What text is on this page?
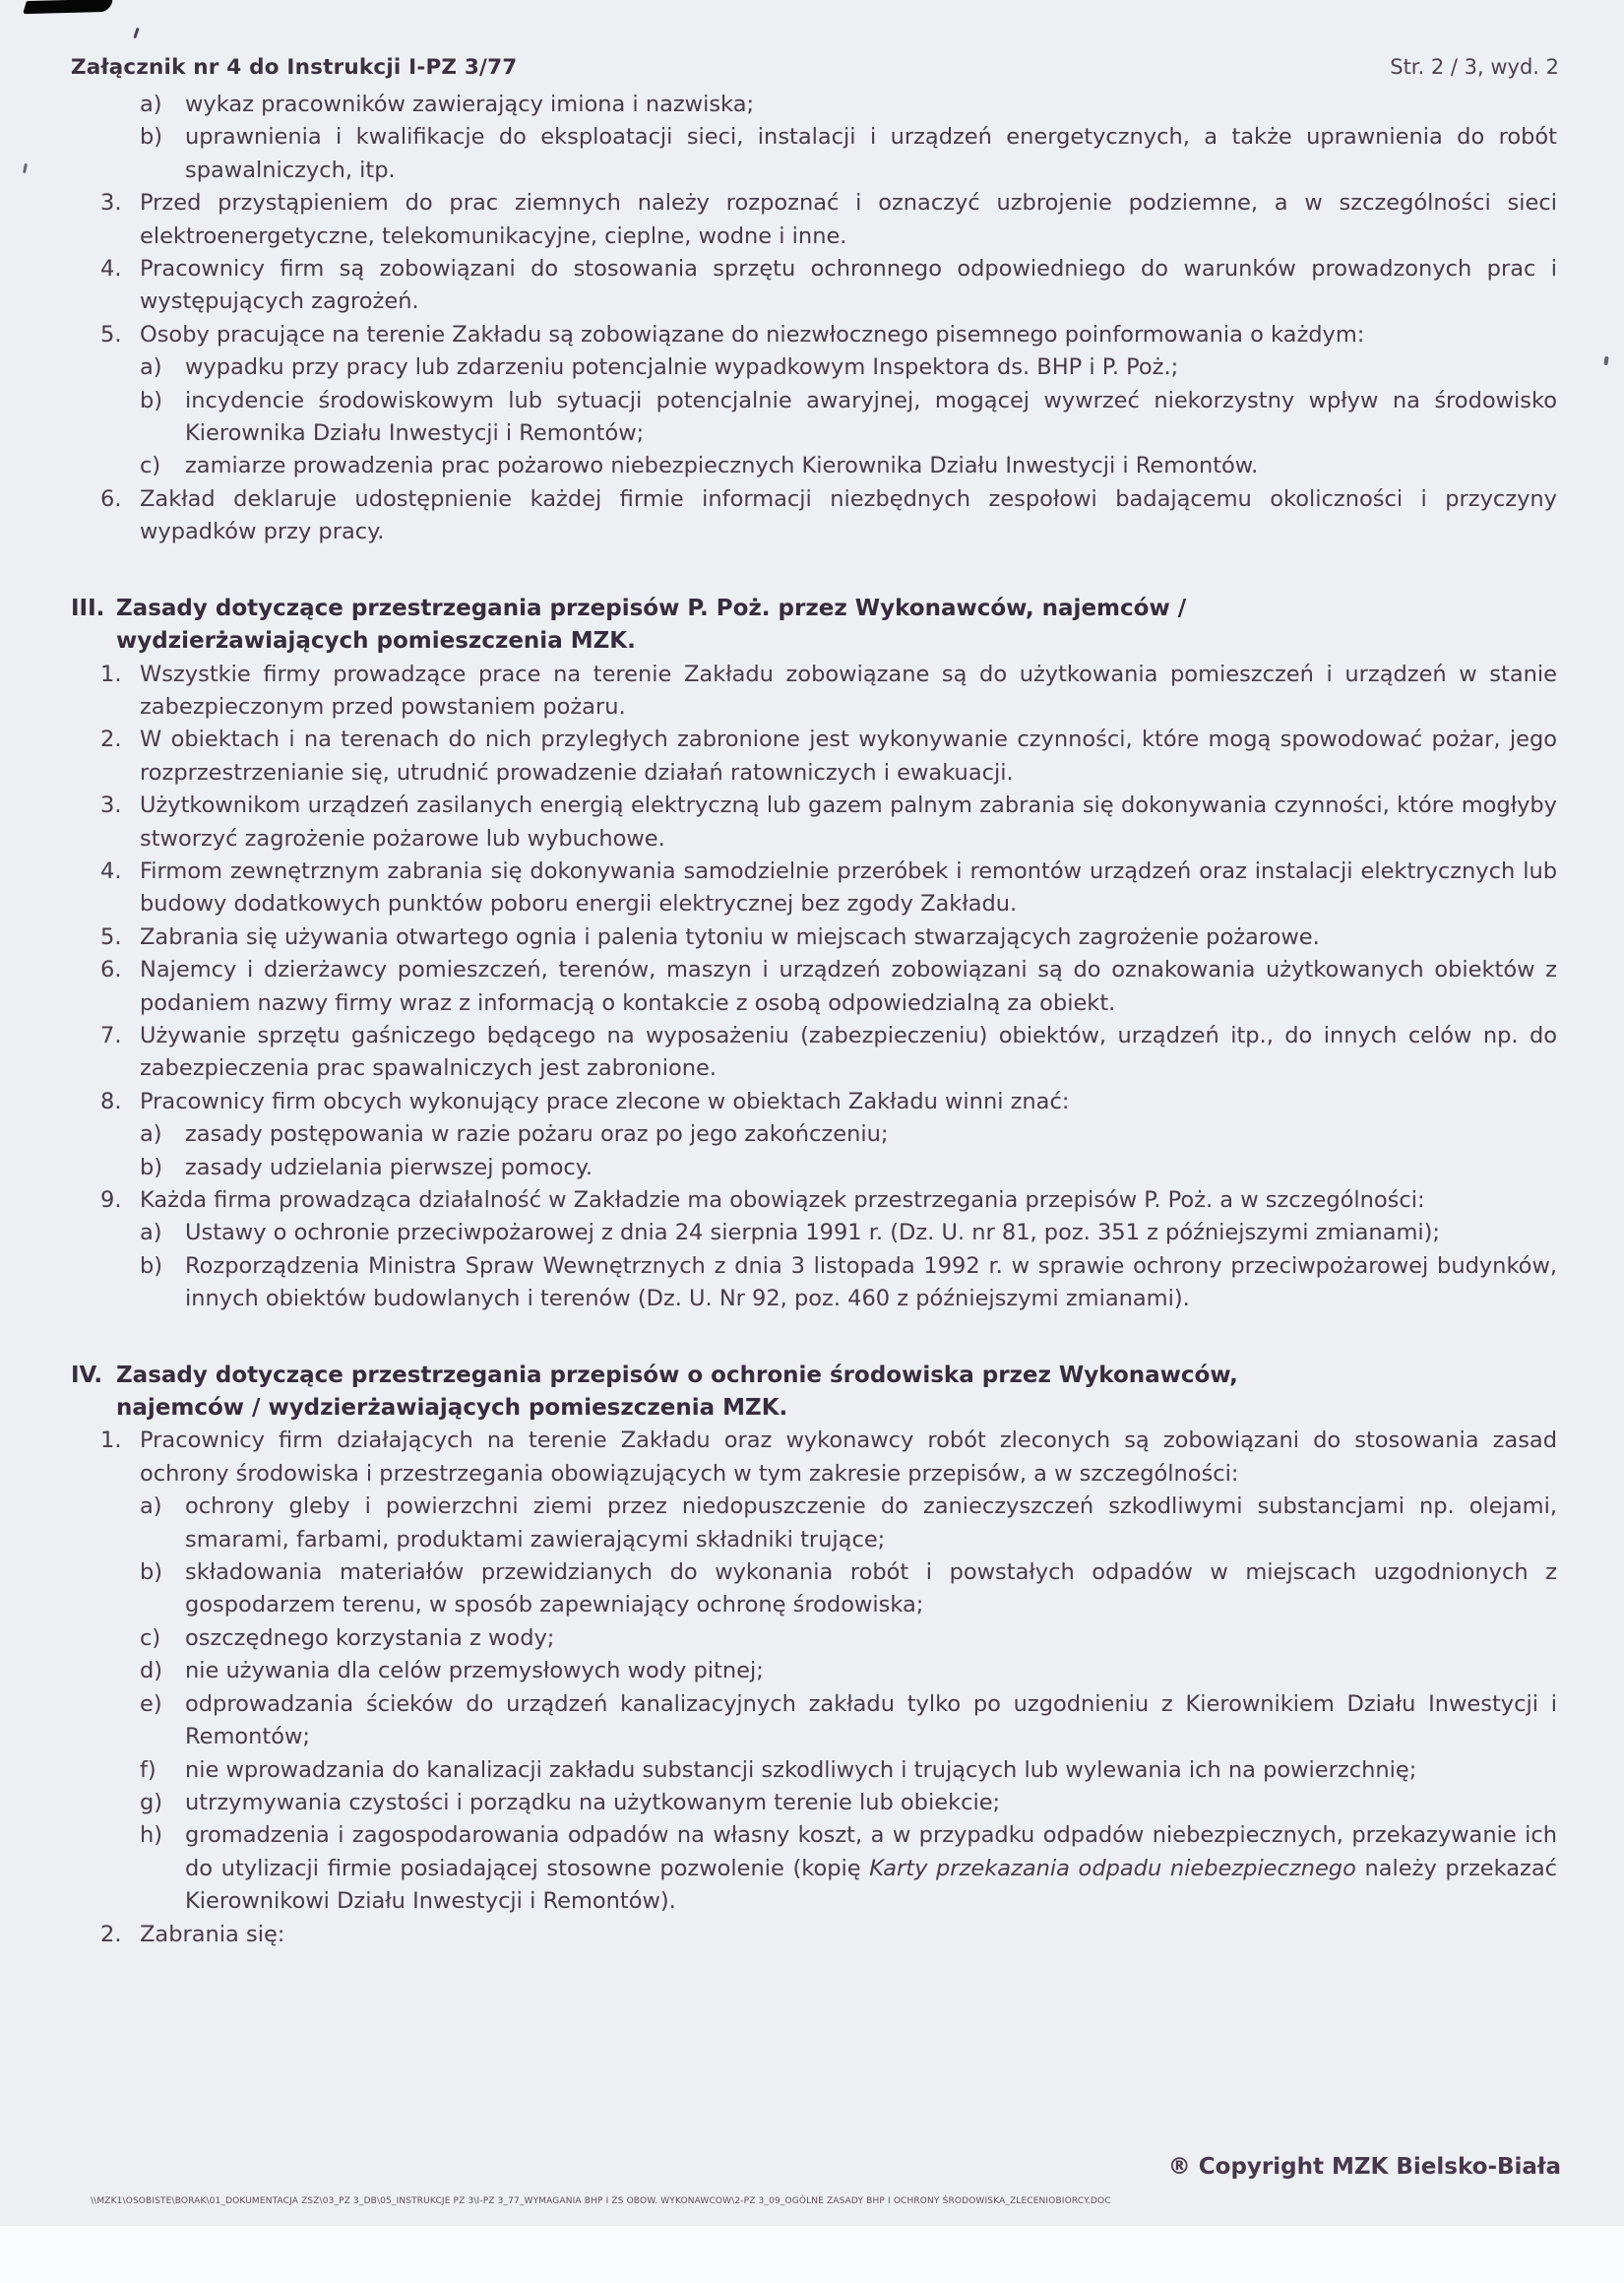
Załącznik nr 4 do Instrukcji I-PZ 3/77	Str. 2 / 3, wyd. 2
a)	wykaz pracowników zawierający imiona i nazwiska;
b)	uprawnienia i kwalifikacje do eksploatacji sieci, instalacji i urządzeń energetycznych, a także uprawnienia do robót spawalniczych, itp.
3. Przed przystąpieniem do prac ziemnych należy rozpoznać i oznaczyć uzbrojenie podziemne, a w szczególności sieci elektroenergetyczne, telekomunikacyjne, cieplne, wodne i inne.
4. Pracownicy firm są zobowiązani do stosowania sprzętu ochronnego odpowiedniego do warunków prowadzonych prac i występujących zagrożeń.
5. Osoby pracujące na terenie Zakładu są zobowiązane do niezwłocznego pisemnego poinformowania o każdym:
a)	wypadku przy pracy lub zdarzeniu potencjalnie wypadkowym Inspektora ds. BHP i P. Poż.;
b)	incydencie środowiskowym lub sytuacji potencjalnie awaryjnej, mogącej wywrzeć niekorzystny wpływ na środowisko Kierownika Działu Inwestycji i Remontów;
c)	zamiarze prowadzenia prac pożarowo niebezpiecznych Kierownika Działu Inwestycji i Remontów.
6. Zakład deklaruje udostępnienie każdej firmie informacji niezbędnych zespołowi badającemu okoliczności i przyczyny wypadków przy pracy.
III. Zasady dotyczące przestrzegania przepisów P. Poż. przez Wykonawców, najemców /
wydzierżawiających pomieszczenia MZK.
1. Wszystkie firmy prowadzące prace na terenie Zakładu zobowiązane są do użytkowania pomieszczeń i urządzeń w stanie zabezpieczonym przed powstaniem pożaru.
2. W obiektach i na terenach do nich przyległych zabronione jest wykonywanie czynności, które mogą spowodować pożar, jego rozprzestrzenianie się, utrudnić prowadzenie działań ratowniczych i ewakuacji.
3. Użytkownikom urządzeń zasilanych energią elektryczną lub gazem palnym zabrania się dokonywania czynności, które mogłyby stworzyć zagrożenie pożarowe lub wybuchowe.
4. Firmom zewnętrznym zabrania się dokonywania samodzielnie przeróbek i remontów urządzeń oraz instalacji elektrycznych lub budowy dodatkowych punktów poboru energii elektrycznej bez zgody Zakładu.
5. Zabrania się używania otwartego ognia i palenia tytoniu w miejscach stwarzających zagrożenie pożarowe.
6. Najemcy i dzierżawcy pomieszczeń, terenów, maszyn i urządzeń zobowiązani są do oznakowania użytkowanych obiektów z podaniem nazwy firmy wraz z informacją o kontakcie z osobą odpowiedzialną za obiekt.
7. Używanie sprzętu gaśniczego będącego na wyposażeniu (zabezpieczeniu) obiektów, urządzeń itp., do innych celów np. do zabezpieczenia prac spawalniczych jest zabronione.
8. Pracownicy firm obcych wykonujący prace zlecone w obiektach Zakładu winni znać:
a)	zasady postępowania w razie pożaru oraz po jego zakończeniu;
b)	zasady udzielania pierwszej pomocy.
9. Każda firma prowadząca działalność w Zakładzie ma obowiązek przestrzegania przepisów P. Poż. a w szczególności:
a)	Ustawy o ochronie przeciwpożarowej z dnia 24 sierpnia 1991 r. (Dz. U. nr 81, poz. 351 z późniejszymi zmianami);
b)	Rozporządzenia Ministra Spraw Wewnętrznych z dnia 3 listopada 1992 r. w sprawie ochrony przeciwpożarowej budynków, innych obiektów budowlanych i terenów (Dz. U. Nr 92, poz. 460 z późniejszymi zmianami).
IV. Zasady dotyczące przestrzegania przepisów o ochronie środowiska przez Wykonawców,
najemców / wydzierżawiających pomieszczenia MZK.
1. Pracownicy firm działających na terenie Zakładu oraz wykonawcy robót zleconych są zobowiązani do stosowania zasad ochrony środowiska i przestrzegania obowiązujących w tym zakresie przepisów, a w szczególności:
a)	ochrony gleby i powierzchni ziemi przez niedopuszczenie do zanieczyszczeń szkodliwymi substancjami np. olejami, smarami, farbami, produktami zawierającymi składniki trujące;
b)	składowania materiałów przewidzianych do wykonania robót i powstałych odpadów w miejscach uzgodnionych z gospodarzem terenu, w sposób zapewniający ochronę środowiska;
c)	oszczędnego korzystania z wody;
d)	nie używania dla celów przemysłowych wody pitnej;
e)	odprowadzania ścieków do urządzeń kanalizacyjnych zakładu tylko po uzgodnieniu z Kierownikiem Działu Inwestycji i Remontów;
f)	nie wprowadzania do kanalizacji zakładu substancji szkodliwych i trujących lub wylewania ich na powierzchnię;
g)	utrzymywania czystości i porządku na użytkowanym terenie lub obiekcie;
h)	gromadzenia i zagospodarowania odpadów na własny koszt, a w przypadku odpadów niebezpiecznych, przekazywanie ich do utylizacji firmie posiadającej stosowne pozwolenie (kopię Karty przekazania odpadu niebezpiecznego należy przekazać Kierownikowi Działu Inwestycji i Remontów).
2. Zabrania się:
® Copyright MZK Bielsko-Biała
\\MZK1\OSOBISTE\BORAK\01_DOKUMENTACJA ZSZ\03_PZ 3_DB\05_INSTRUKCJE PZ 3\I-PZ 3_77_WYMAGANIA BHP I ZS OBOW. WYKONAWCOW\2-PZ 3_09_OGÓLNE ZASADY BHP I OCHRONY ŚRODOWISKA_ZLECENIOBIORCY.DOC
